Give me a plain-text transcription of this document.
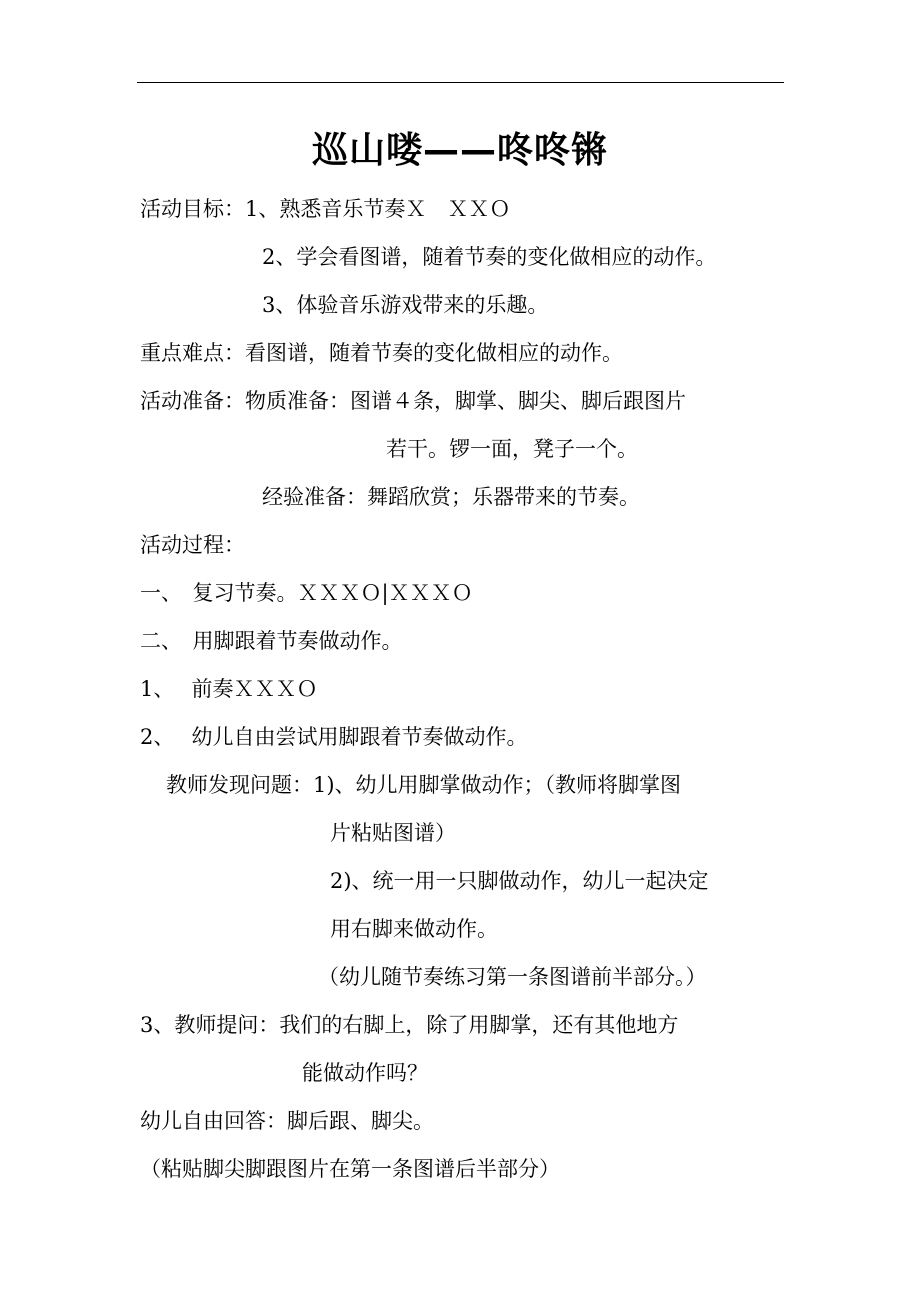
巡山喽——咚咚锵
活动目标：1、熟悉音乐节奏Ｘ　ＸＸＯ
2、学会看图谱，随着节奏的变化做相应的动作。
3、体验音乐游戏带来的乐趣。
重点难点：看图谱，随着节奏的变化做相应的动作。
活动准备：物质准备：图谱４条，脚掌、脚尖、脚后跟图片
若干。锣一面，凳子一个。
经验准备：舞蹈欣赏；乐器带来的节奏。
活动过程：
一、　复习节奏。ＸＸＸＯ|ＸＸＸＯ
二、　用脚跟着节奏做动作。
1、　 前奏ＸＸＸＯ
2、　 幼儿自由尝试用脚跟着节奏做动作。
教师发现问题：1)、幼儿用脚掌做动作；（教师将脚掌图
片粘贴图谱）
2)、统一用一只脚做动作，幼儿一起决定
用右脚来做动作。
（幼儿随节奏练习第一条图谱前半部分。）
3、教师提问：我们的右脚上，除了用脚掌，还有其他地方
能做动作吗？
幼儿自由回答：脚后跟、脚尖。
（粘贴脚尖脚跟图片在第一条图谱后半部分）
